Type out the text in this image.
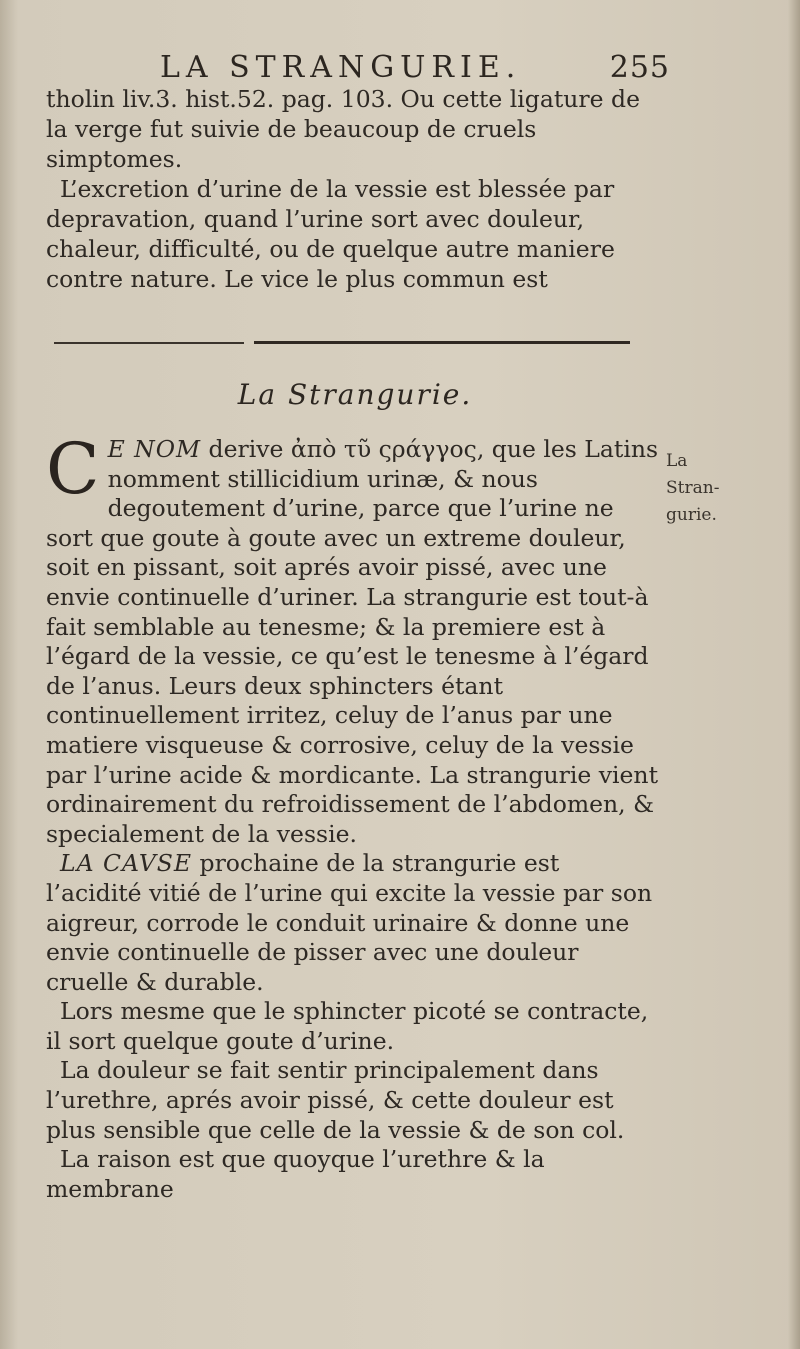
LA STRANGURIE.	255

tholin liv.3. hist.52. pag. 103. Ou cette ligature de la verge fut suivie de beaucoup de cruels simptomes.

L’excretion d’urine de la vessie est blessée par depravation, quand l’urine sort avec douleur, chaleur, difficulté, ou de quelque autre maniere contre nature. Le vice le plus commun est

La Strangurie.

C E NOM derive ἀπὸ τῦ ςράγγος, que les Latins nomment stillicidium urinæ, & nous degoutement d’urine, parce que l’urine ne sort que goute à goute avec un extreme douleur, soit en pissant, soit aprés avoir pissé, avec une envie continuelle d’uriner. La strangurie est tout-à fait semblable au tenesme; & la premiere est à l’égard de la vessie, ce qu’est le tenesme à l’égard de l’anus. Leurs deux sphincters étant continuellement irritez, celuy de l’anus par une matiere visqueuse & corrosive, celuy de la vessie par l’urine acide & mordicante. La strangurie vient ordinairement du refroidissement de l’abdomen, & specialement de la vessie.

LA CAVSE prochaine de la strangurie est l’acidité vitié de l’urine qui excite la vessie par son aigreur, corrode le conduit urinaire & donne une envie continuelle de pisser avec une douleur cruelle & durable.

Lors mesme que le sphincter picoté se contracte, il sort quelque goute d’urine.

La douleur se fait sentir principalement dans l’urethre, aprés avoir pissé, & cette douleur est plus sensible que celle de la vessie & de son col.

La raison est que quoyque l’urethre & la membrane

La
Stran-
gurie.
